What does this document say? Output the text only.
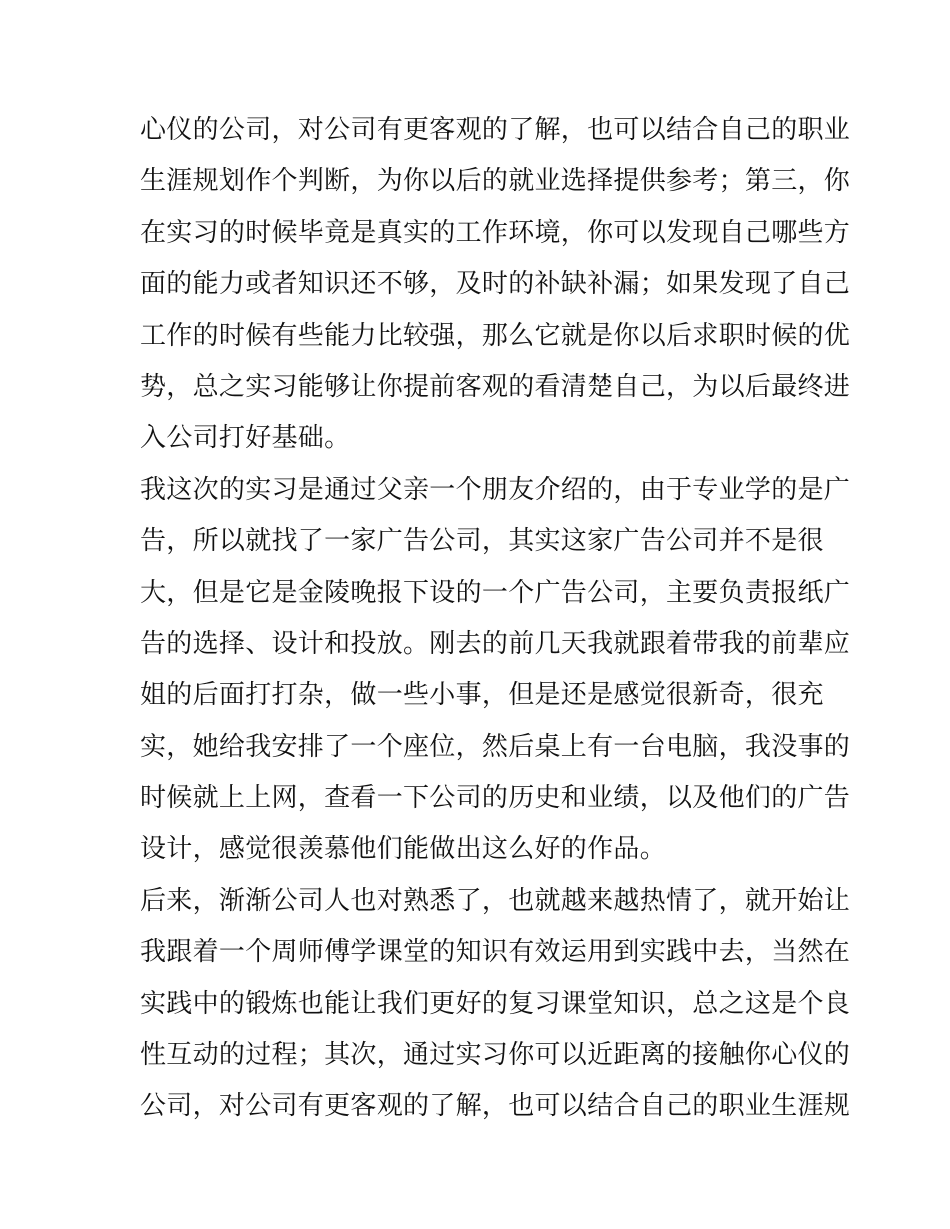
心仪的公司，对公司有更客观的了解，也可以结合自己的职业
生涯规划作个判断，为你以后的就业选择提供参考；第三，你
在实习的时候毕竟是真实的工作环境，你可以发现自己哪些方
面的能力或者知识还不够，及时的补缺补漏；如果发现了自己
工作的时候有些能力比较强，那么它就是你以后求职时候的优
势，总之实习能够让你提前客观的看清楚自己，为以后最终进
入公司打好基础。
我这次的实习是通过父亲一个朋友介绍的，由于专业学的是广
告，所以就找了一家广告公司，其实这家广告公司并不是很
大，但是它是金陵晚报下设的一个广告公司，主要负责报纸广
告的选择、设计和投放。刚去的前几天我就跟着带我的前辈应
姐的后面打打杂，做一些小事，但是还是感觉很新奇，很充
实，她给我安排了一个座位，然后桌上有一台电脑，我没事的
时候就上上网，查看一下公司的历史和业绩，以及他们的广告
设计，感觉很羡慕他们能做出这么好的作品。
后来，渐渐公司人也对熟悉了，也就越来越热情了，就开始让
我跟着一个周师傅学课堂的知识有效运用到实践中去，当然在
实践中的锻炼也能让我们更好的复习课堂知识，总之这是个良
性互动的过程；其次，通过实习你可以近距离的接触你心仪的
公司，对公司有更客观的了解，也可以结合自己的职业生涯规
